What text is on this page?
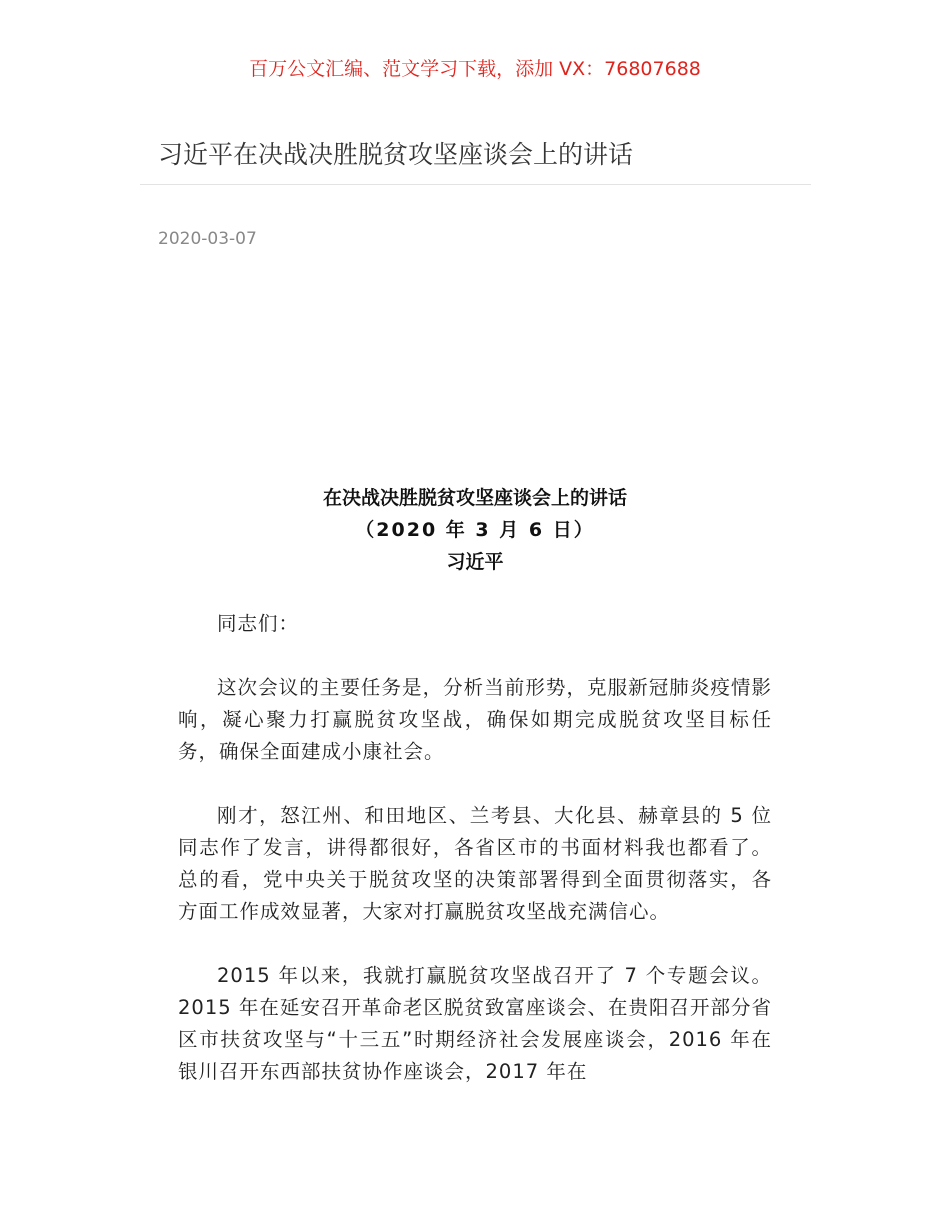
百万公文汇编、范文学习下载，添加 VX：76807688
习近平在决战决胜脱贫攻坚座谈会上的讲话
2020-03-07
在决战决胜脱贫攻坚座谈会上的讲话
（2020 年 3 月 6 日）
习近平

同志们：

这次会议的主要任务是，分析当前形势，克服新冠肺炎疫情影响，凝心聚力打赢脱贫攻坚战，确保如期完成脱贫攻坚目标任务，确保全面建成小康社会。

刚才，怒江州、和田地区、兰考县、大化县、赫章县的 5 位同志作了发言，讲得都很好，各省区市的书面材料我也都看了。总的看，党中央关于脱贫攻坚的决策部署得到全面贯彻落实，各方面工作成效显著，大家对打赢脱贫攻坚战充满信心。

2015 年以来，我就打赢脱贫攻坚战召开了 7 个专题会议。2015 年在延安召开革命老区脱贫致富座谈会、在贵阳召开部分省区市扶贫攻坚与“十三五”时期经济社会发展座谈会，2016 年在银川召开东西部扶贫协作座谈会，2017 年在
